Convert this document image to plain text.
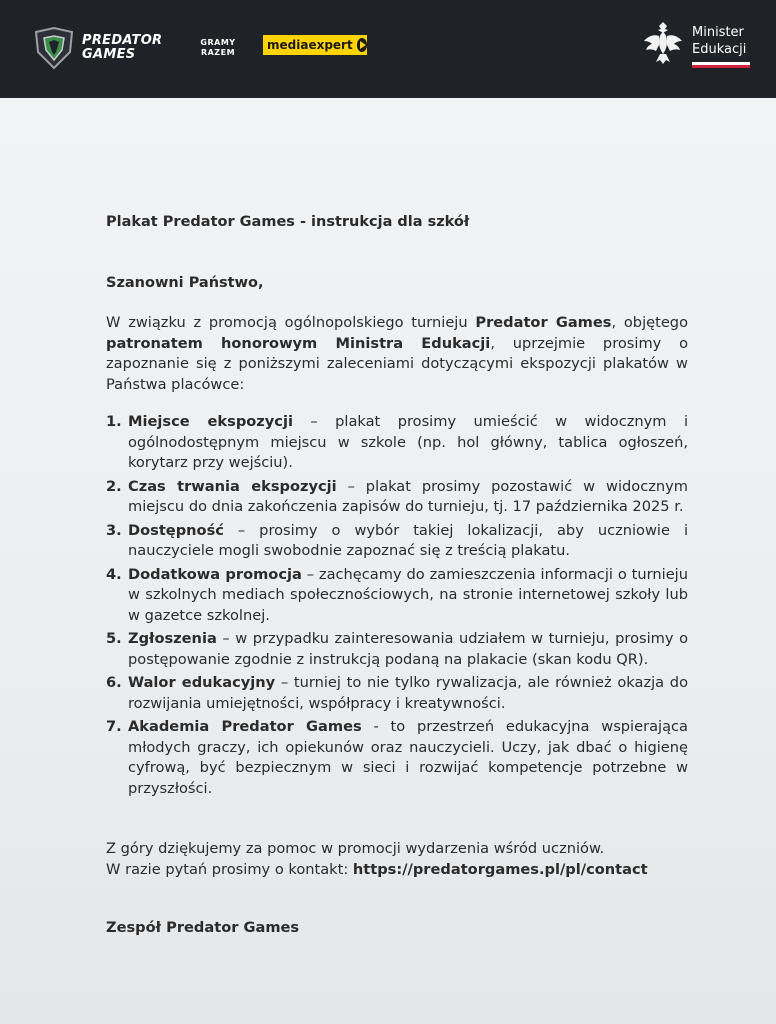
PREDATOR
GAMES
GRAMY
RAZEM
mediaexpert
Minister
Edukacji

Plakat Predator Games - instrukcja dla szkół

Szanowni Państwo,

W związku z promocją ogólnopolskiego turnieju Predator Games, objętego patronatem honorowym Ministra Edukacji, uprzejmie prosimy o zapoznanie się z poniższymi zaleceniami dotyczącymi ekspozycji plakatów w Państwa placówce:

1. Miejsce ekspozycji – plakat prosimy umieścić w widocznym i ogólnodostępnym miejscu w szkole (np. hol główny, tablica ogłoszeń, korytarz przy wejściu).
2. Czas trwania ekspozycji – plakat prosimy pozostawić w widocznym miejscu do dnia zakończenia zapisów do turnieju, tj. 17 października 2025 r.
3. Dostępność – prosimy o wybór takiej lokalizacji, aby uczniowie i nauczyciele mogli swobodnie zapoznać się z treścią plakatu.
4. Dodatkowa promocja – zachęcamy do zamieszczenia informacji o turnieju w szkolnych mediach społecznościowych, na stronie internetowej szkoły lub w gazetce szkolnej.
5. Zgłoszenia – w przypadku zainteresowania udziałem w turnieju, prosimy o postępowanie zgodnie z instrukcją podaną na plakacie (skan kodu QR).
6. Walor edukacyjny – turniej to nie tylko rywalizacja, ale również okazja do rozwijania umiejętności, współpracy i kreatywności.
7. Akademia Predator Games - to przestrzeń edukacyjna wspierająca młodych graczy, ich opiekunów oraz nauczycieli. Uczy, jak dbać o higienę cyfrową, być bezpiecznym w sieci i rozwijać kompetencje potrzebne w przyszłości.

Z góry dziękujemy za pomoc w promocji wydarzenia wśród uczniów.
W razie pytań prosimy o kontakt: https://predatorgames.pl/pl/contact

Zespół Predator Games
